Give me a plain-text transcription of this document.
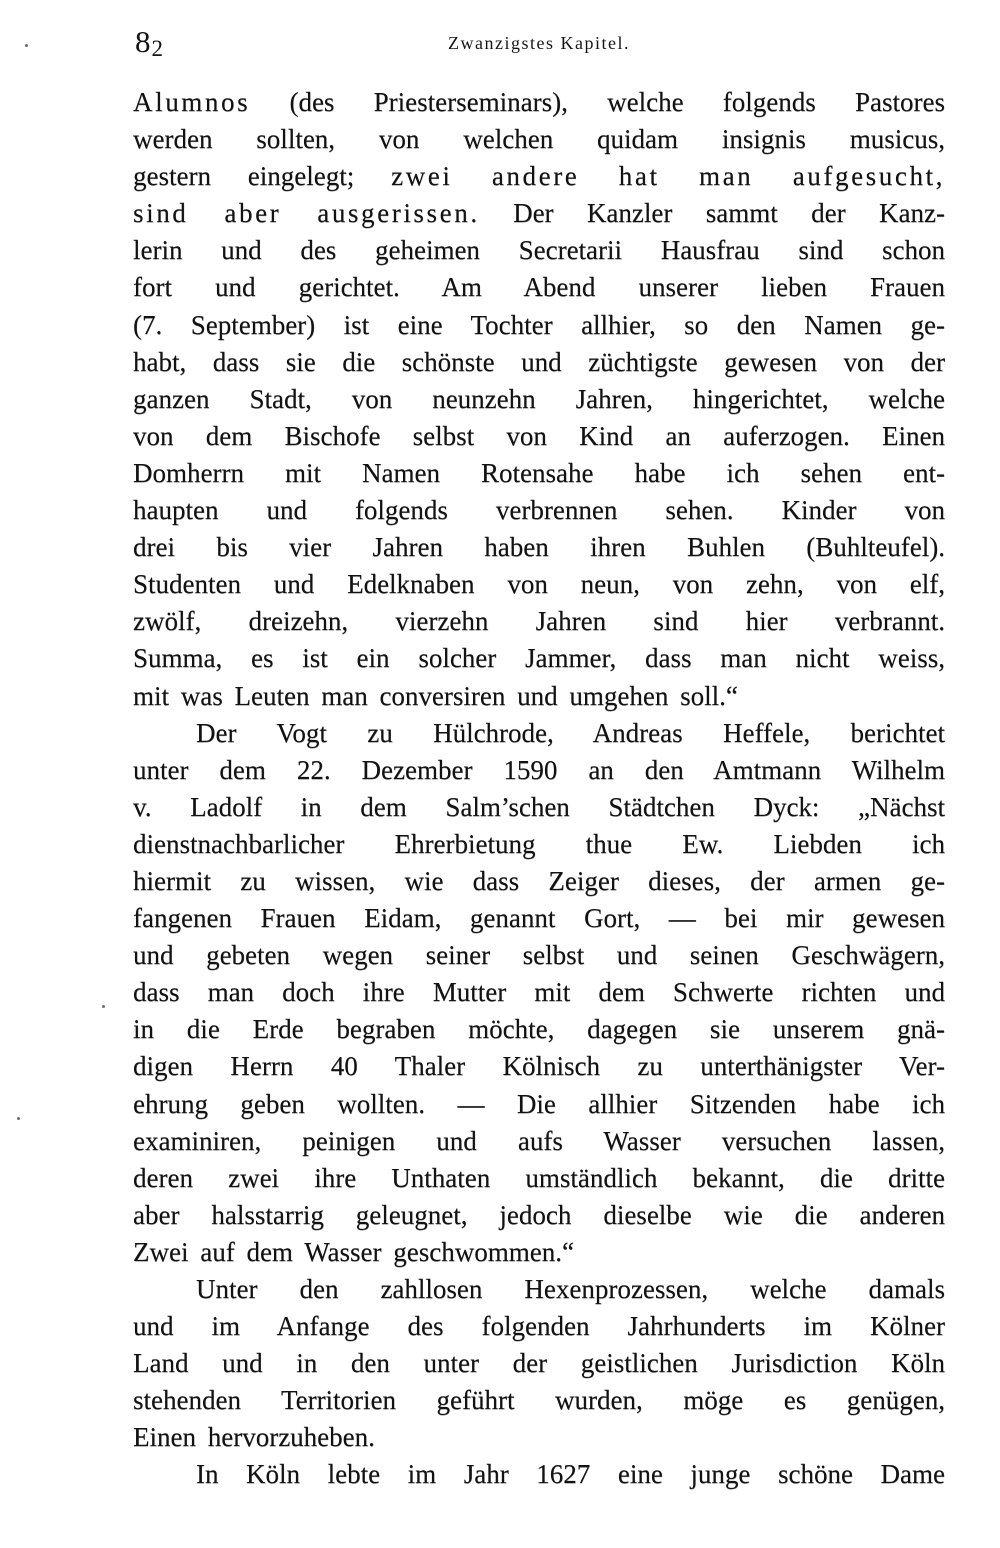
82	Zwanzigstes Kapitel.
Alumnos (des Priesterseminars), welche folgends Pastores
werden sollten, von welchen quidam insignis musicus,
gestern eingelegt; zwei andere hat man aufgesucht,
sind aber ausgerissen. Der Kanzler sammt der Kanz-
lerin und des geheimen Secretarii Hausfrau sind schon
fort und gerichtet. Am Abend unserer lieben Frauen
(7. September) ist eine Tochter allhier, so den Namen ge-
habt, dass sie die schönste und züchtigste gewesen von der
ganzen Stadt, von neunzehn Jahren, hingerichtet, welche
von dem Bischofe selbst von Kind an auferzogen. Einen
Domherrn mit Namen Rotensahe habe ich sehen ent-
haupten und folgends verbrennen sehen. Kinder von
drei bis vier Jahren haben ihren Buhlen (Buhlteufel).
Studenten und Edelknaben von neun, von zehn, von elf,
zwölf, dreizehn, vierzehn Jahren sind hier verbrannt.
Summa, es ist ein solcher Jammer, dass man nicht weiss,
mit was Leuten man conversiren und umgehen soll.“
Der Vogt zu Hülchrode, Andreas Heffele, berichtet
unter dem 22. Dezember 1590 an den Amtmann Wilhelm
v. Ladolf in dem Salm’schen Städtchen Dyck: „Nächst
dienstnachbarlicher Ehrerbietung thue Ew. Liebden ich
hiermit zu wissen, wie dass Zeiger dieses, der armen ge-
fangenen Frauen Eidam, genannt Gort, — bei mir gewesen
und gebeten wegen seiner selbst und seinen Geschwägern,
dass man doch ihre Mutter mit dem Schwerte richten und
in die Erde begraben möchte, dagegen sie unserem gnä-
digen Herrn 40 Thaler Kölnisch zu unterthänigster Ver-
ehrung geben wollten. — Die allhier Sitzenden habe ich
examiniren, peinigen und aufs Wasser versuchen lassen,
deren zwei ihre Unthaten umständlich bekannt, die dritte
aber halsstarrig geleugnet, jedoch dieselbe wie die anderen
Zwei auf dem Wasser geschwommen.“
Unter den zahllosen Hexenprozessen, welche damals
und im Anfange des folgenden Jahrhunderts im Kölner
Land und in den unter der geistlichen Jurisdiction Köln
stehenden Territorien geführt wurden, möge es genügen,
Einen hervorzuheben.
In Köln lebte im Jahr 1627 eine junge schöne Dame
